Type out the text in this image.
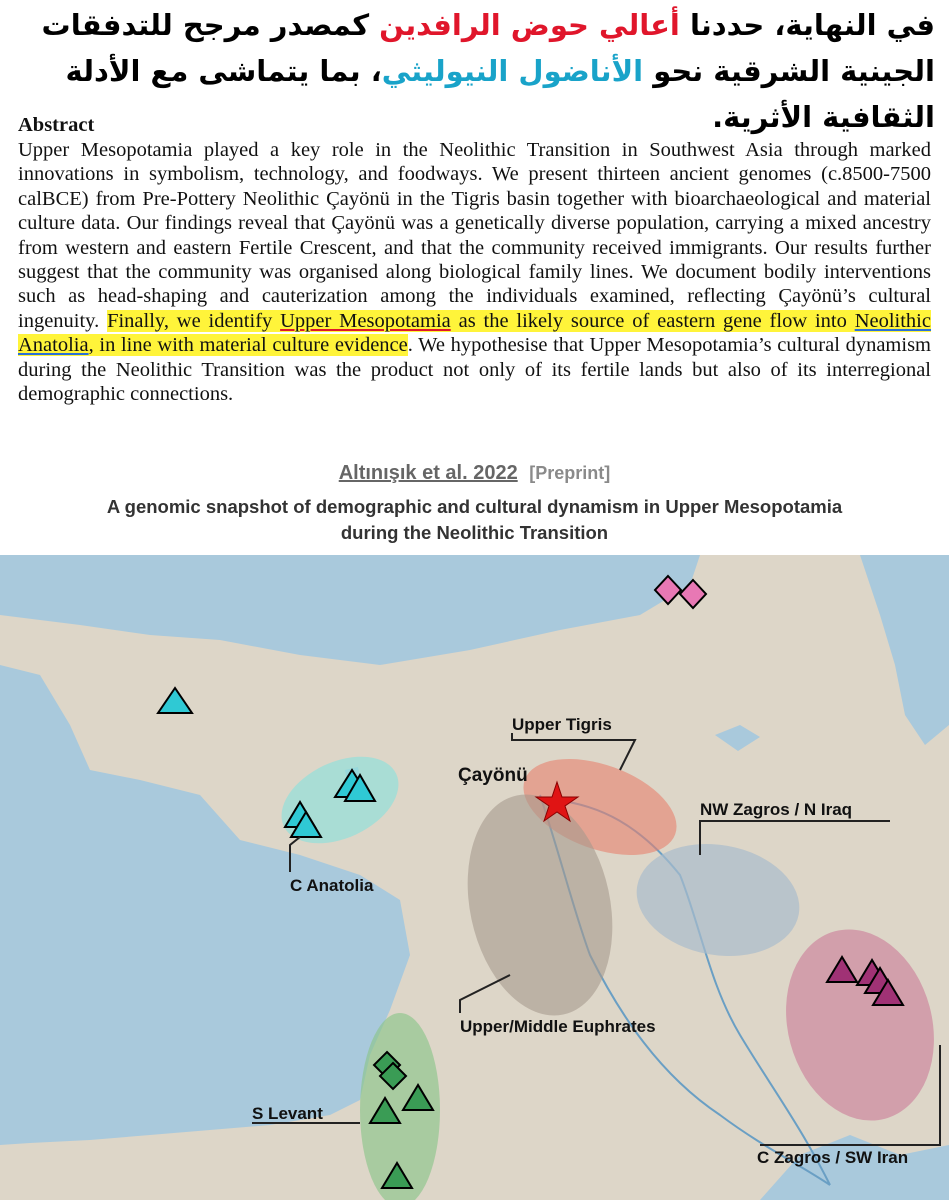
في النهاية، حددنا أعالي حوض الرافدين كمصدر مرجح للتدفقات الجينية الشرقية نحو الأناضول النيوليثي، بما يتماشى مع الأدلة الثقافية الأثرية.
Abstract

Upper Mesopotamia played a key role in the Neolithic Transition in Southwest Asia through marked innovations in symbolism, technology, and foodways. We present thirteen ancient genomes (c.8500-7500 calBCE) from Pre-Pottery Neolithic Çayönü in the Tigris basin together with bioarchaeological and material culture data. Our findings reveal that Çayönü was a genetically diverse population, carrying a mixed ancestry from western and eastern Fertile Crescent, and that the community received immigrants. Our results further suggest that the community was organised along biological family lines. We document bodily interventions such as head-shaping and cauterization among the individuals examined, reflecting Çayönü’s cultural ingenuity. Finally, we identify Upper Mesopotamia as the likely source of eastern gene flow into Neolithic Anatolia, in line with material culture evidence. We hypothesise that Upper Mesopotamia’s cultural dynamism during the Neolithic Transition was the product not only of its fertile lands but also of its interregional demographic connections.

Altınışık et al. 2022 [Preprint]
A genomic snapshot of demographic and cultural dynamism in Upper Mesopotamia
during the Neolithic Transition
Upper Tigris
Çayönü
NW Zagros / N Iraq
C Anatolia
Upper/Middle Euphrates
S Levant
C Zagros / SW Iran
